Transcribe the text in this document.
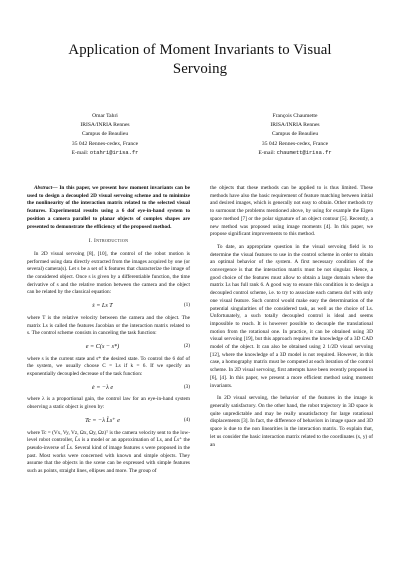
Application of Moment Invariants to Visual Servoing
Omar Tahri
IRISA/INRIA Rennes
Campus de Beaulieu
35 042 Rennes-cedex, France
E-mail: otahri@irisa.fr
François Chaumette
IRISA/INRIA Rennes
Campus de Beaulieu
35 042 Rennes-cedex, France
E-mail: chaumett@irisa.fr

Abstract— In this paper, we present how moment invariants can be used to design a decoupled 2D visual servoing scheme and to minimize the nonlinearity of the interaction matrix related to the selected visual features. Experimental results using a 6 dof eye-in-hand system to position a camera parallel to planar objects of complex shapes are presented to demonstrate the efficiency of the proposed method.

I. Introduction

In 2D visual servoing [8], [10], the control of the robot motion is performed using data directly extracted from the images acquired by one (or several) camera(s). Let s be a set of k features that characterize the image of the considered object. Once s is given by a differentiable function, the time derivative of s and the relative motion between the camera and the object can be related by the classical equation:

ṡ = Ls T	(1)

where T is the relative velocity between the camera and the object. The matrix Ls is called the features Jacobian or the interaction matrix related to s. The control scheme consists in canceling the task function:

e = C(s − s*)	(2)

where s is the current state and s* the desired state. To control the 6 dof of the system, we usually choose C = Ls if k = 6. If we specify an exponentially decoupled decrease of the task function:

ė = −λ e	(3)

where λ is a proportional gain, the control law for an eye-in-hand system observing a static object is given by:

Tc = −λ L̂s⁺ e	(4)

where Tc = (Vx, Vy, Vz, Ωx, Ωy, Ωz)ᵀ is the camera velocity sent to the low-level robot controller, L̂s is a model or an approximation of Ls, and L̂s⁺ the pseudo-inverse of L̂s. Several kind of image features s were proposed in the past. Most works were concerned with known and simple objects. They assume that the objects in the scene can be expressed with simple features such as points, straight lines, ellipses and more. The group of

the objects that these methods can be applied to is thus limited. These methods have also the basic requirement of feature matching between initial and desired images, which is generally not easy to obtain. Other methods try to surmount the problems mentioned above, by using for example the Eigen space method [7] or the polar signature of an object contour [5]. Recently, a new method was proposed using image moments [4]. In this paper, we propose significant improvements to this method.

To date, an appropriate question in the visual servoing field is to determine the visual features to use in the control scheme in order to obtain an optimal behavior of the system. A first necessary condition of the convergence is that the interaction matrix must be not singular. Hence, a good choice of the features must allow to obtain a large domain where the matrix Ls has full rank 6. A good way to ensure this condition is to design a decoupled control scheme, i.e. to try to associate each camera dof with only one visual feature. Such control would make easy the determination of the potential singularities of the considered task, as well as the choice of Ls. Unfortunately, a such totally decoupled control is ideal and seems impossible to reach. It is however possible to decouple the translational motion from the rotational one. In practice, it can be obtained using 3D visual servoing [19], but this approach requires the knowledge of a 3D CAD model of the object. It can also be obtained using 2 1/2D visual servoing [12], where the knowledge of a 3D model is not required. However, in this case, a homography matrix must be computed at each iteration of the control scheme. In 2D visual servoing, first attempts have been recently proposed in [6], [4]. In this paper, we present a more efficient method using moment invariants.

In 2D visual servoing, the behavior of the features in the image is generally satisfactory. On the other hand, the robot trajectory in 3D space is quite unpredictable and may be really unsatisfactory for large rotational displacements [3]. In fact, the difference of behaviors in image space and 3D space is due to the non linearities in the interaction matrix. To explain that, let us consider the basic interaction matrix related to the coordinates (x, y) of an
